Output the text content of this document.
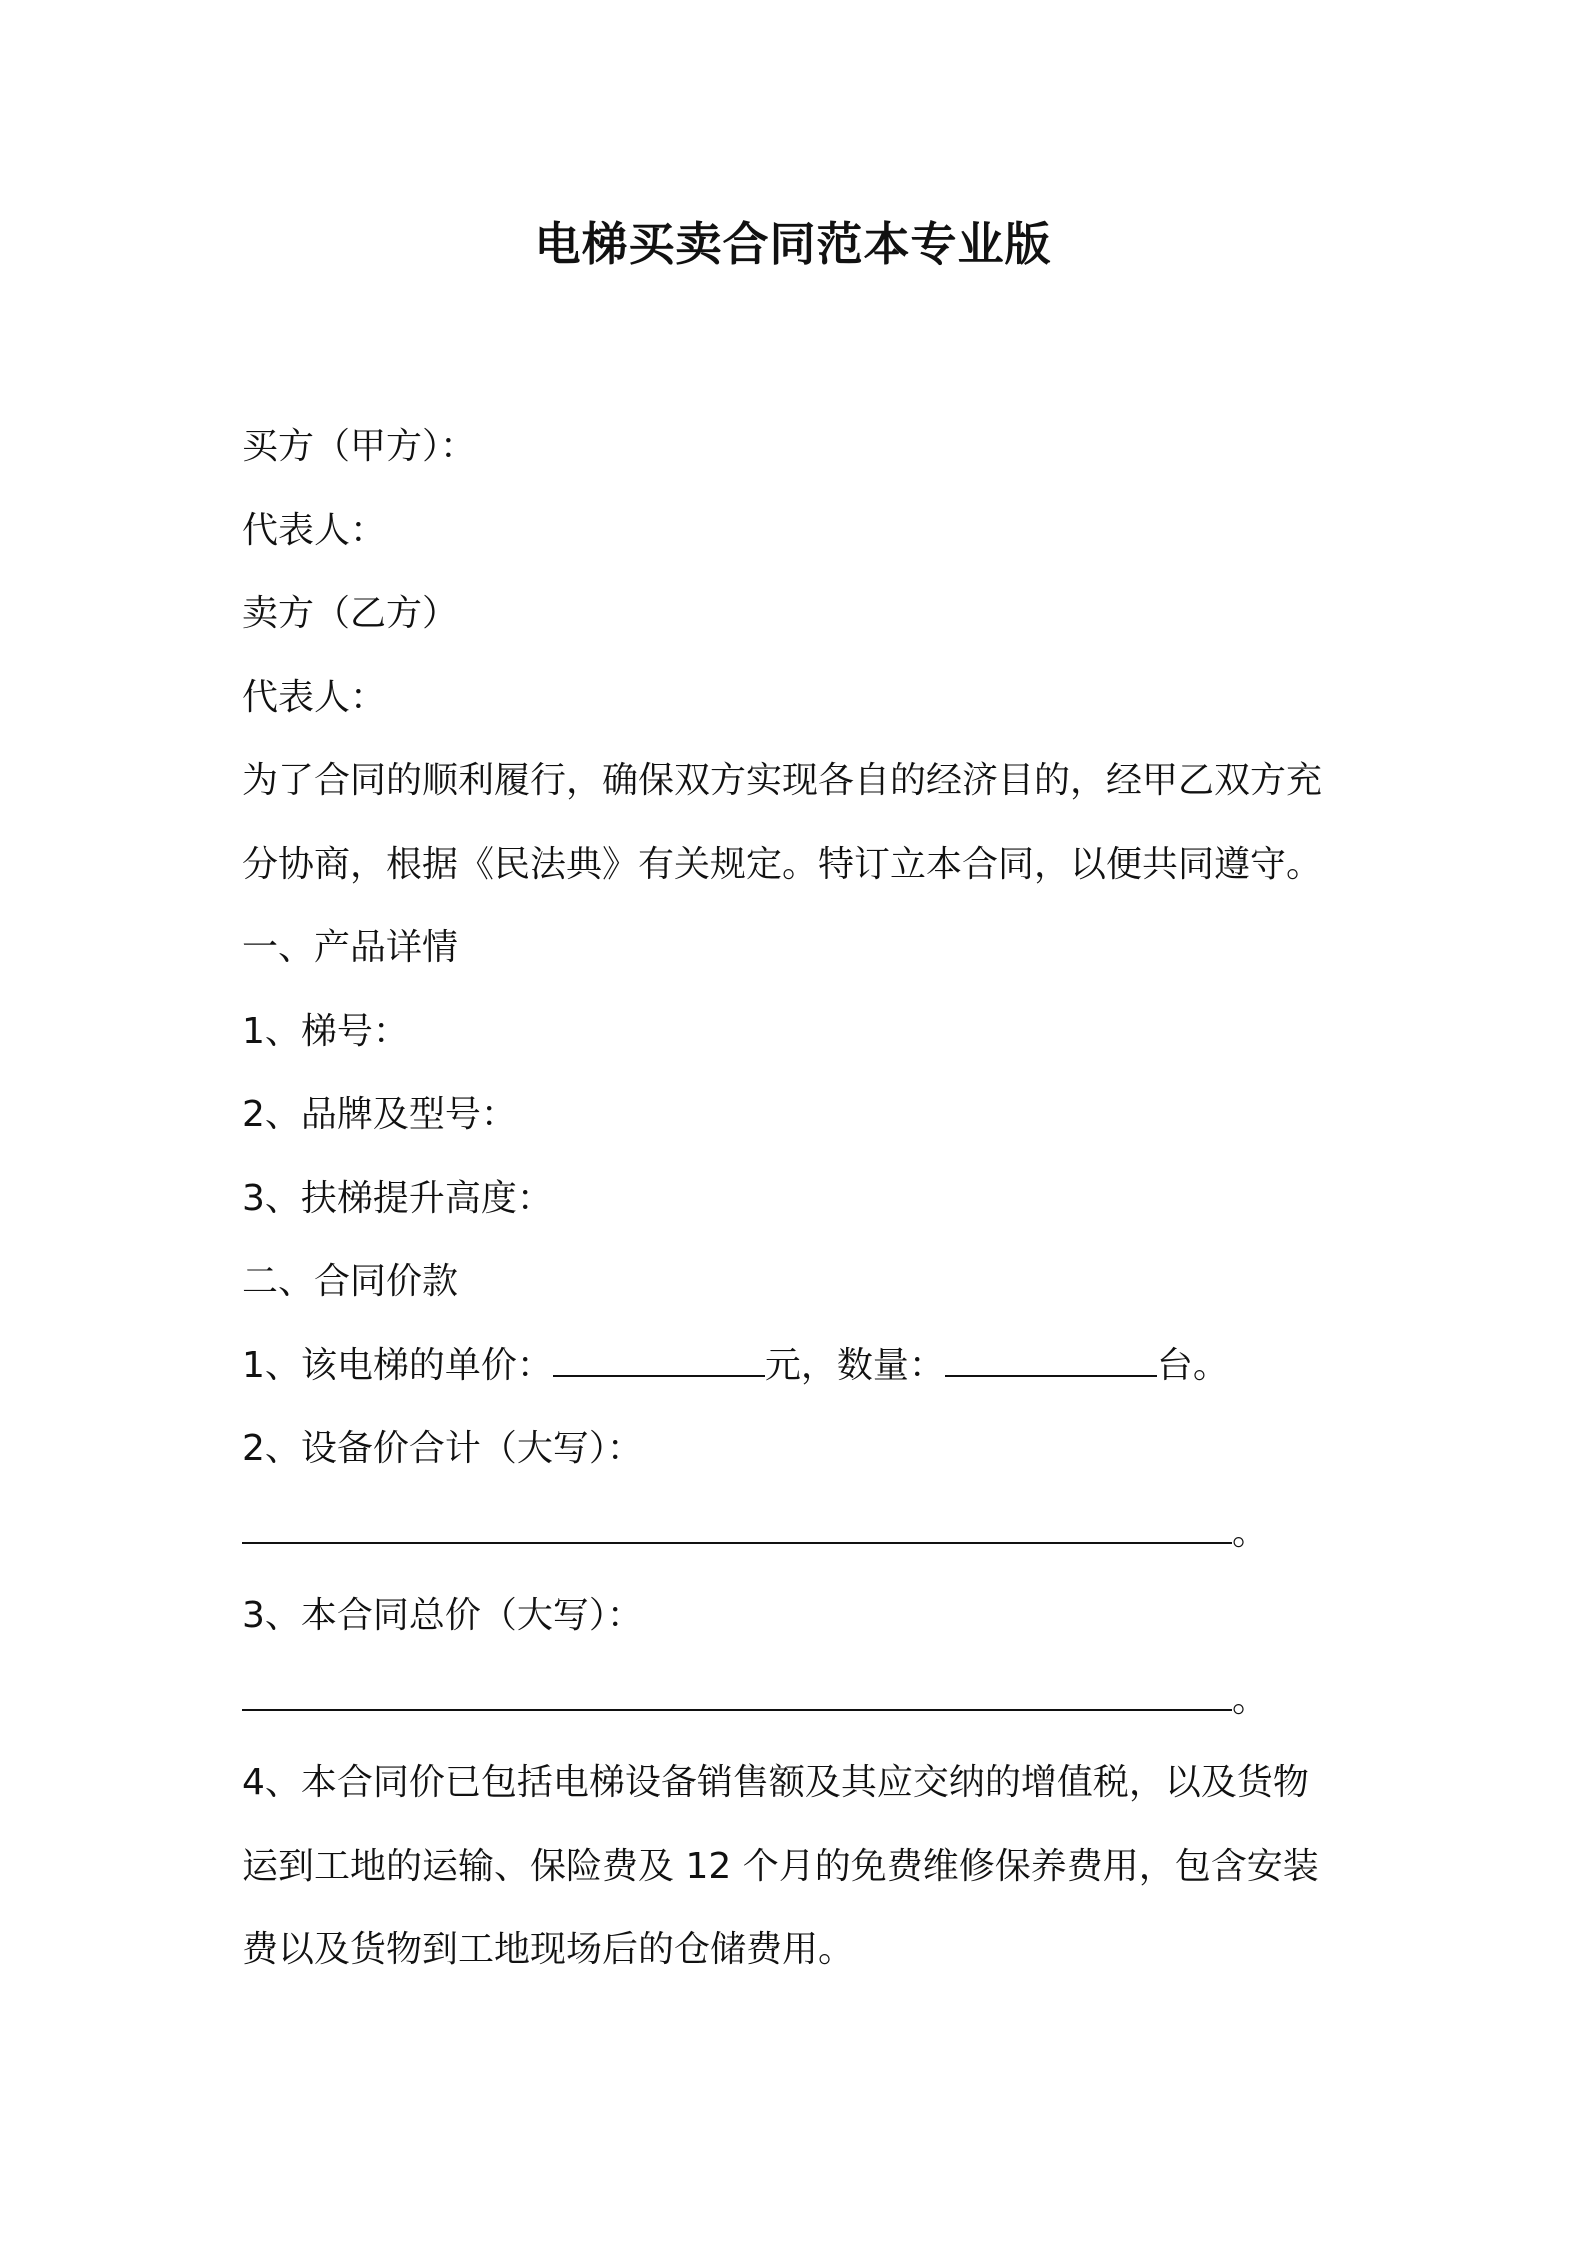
电梯买卖合同范本专业版
买方（甲方）：
代表人：
卖方（乙方）
代表人：
为了合同的顺利履行，确保双方实现各自的经济目的，经甲乙双方充
分协商，根据《民法典》有关规定。特订立本合同，以便共同遵守。
一、产品详情
1、梯号：
2、品牌及型号：
3、扶梯提升高度：
二、合同价款
1、该电梯的单价：	元，数量：	台。
2、设备价合计（大写）：
。
3、本合同总价（大写）：
。
4、本合同价已包括电梯设备销售额及其应交纳的增值税，以及货物
运到工地的运输、保险费及 12 个月的免费维修保养费用，包含安装
费以及货物到工地现场后的仓储费用。
